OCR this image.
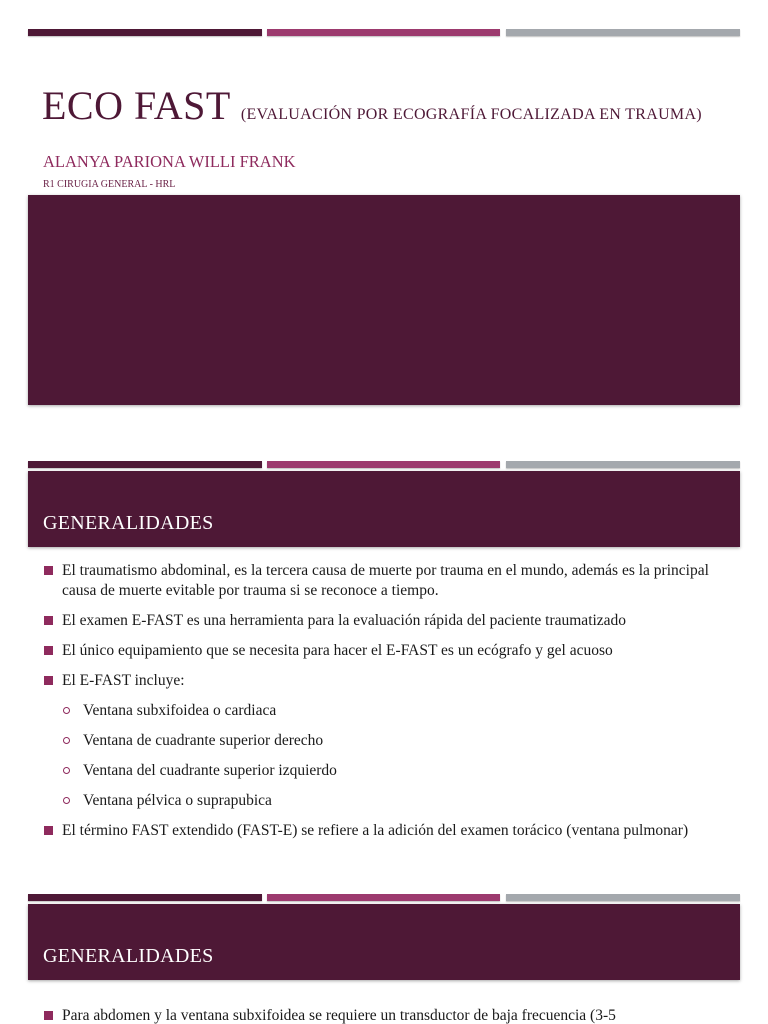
ECO FAST (EVALUACIÓN POR ECOGRAFÍA FOCALIZADA EN TRAUMA)
ALANYA PARIONA WILLI FRANK
R1 CIRUGIA GENERAL - HRL
GENERALIDADES
El traumatismo abdominal, es la tercera causa de muerte por trauma en el mundo, además es la principal causa de muerte evitable por trauma si se reconoce a tiempo.
El examen E-FAST es una herramienta para la evaluación rápida del paciente traumatizado
El único equipamiento que se necesita para hacer el E-FAST es un ecógrafo y gel acuoso
El E-FAST incluye:
Ventana subxifoidea o cardiaca
Ventana de cuadrante superior derecho
Ventana del cuadrante superior izquierdo
Ventana pélvica o suprapubica
El término FAST extendido (FAST-E) se refiere a la adición del examen torácico (ventana pulmonar)
GENERALIDADES
Para abdomen y la ventana subxifoidea se requiere un transductor de baja frecuencia (3-5
